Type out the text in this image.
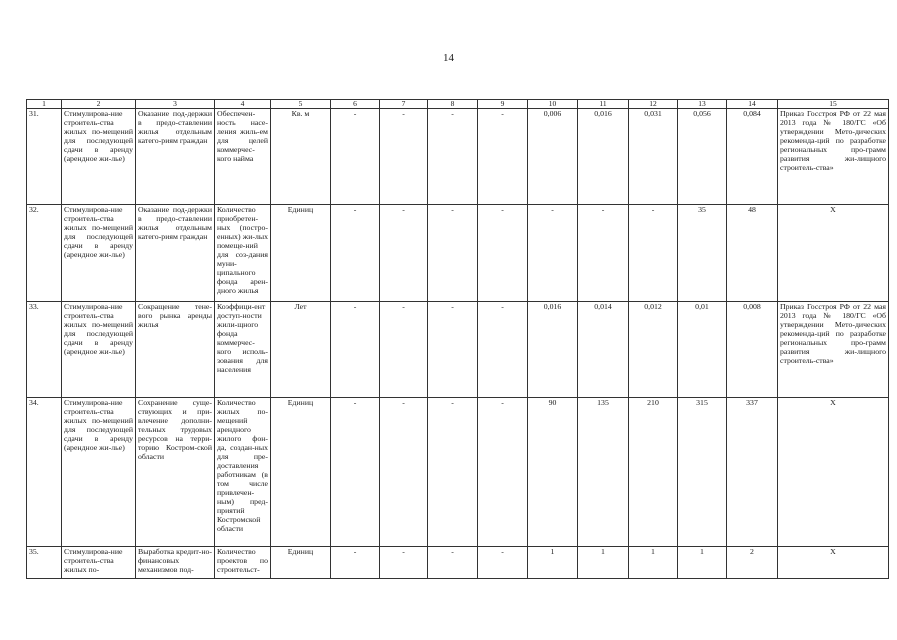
14
1	2	3	4	5	6	7	8	9	10	11	12	13	14	15
31.	Стимулирова-ние строитель-ства жилых по-мещений для последующей сдачи в аренду (арендное жи-лье)	Оказание под-держки в предо-ставлении жилья отдельным катего-риям граждан	Обеспечен-ность насе-ления жиль-ем для целей коммерчес-кого найма	Кв. м	-	-	-	-	0,006	0,016	0,031	0,056	0,084	Приказ Госстроя РФ от 22 мая 2013 года № 180/ГС «Об утверждении Мето-дических рекоменда-ций по разработке региональных про-грамм развития жи-лищного строитель-ства»
32.	Стимулирова-ние строитель-ства жилых по-мещений для последующей сдачи в аренду (арендное жи-лье)	Оказание под-держки в предо-ставлении жилья отдельным катего-риям граждан	Количество приобретен-ных (постро-енных) жи-лых помеще-ний для соз-дания муни-ципального фонда арен-дного жилья	Единиц	-	-	-	-	-	-	-	35	48	Х
33.	Стимулирова-ние строитель-ства жилых по-мещений для последующей сдачи в аренду (арендное жи-лье)	Сокращение тене-вого рынка аренды жилья	Коэффици-ент доступ-ности жили-щного фонда коммерчес-кого исполь-зования для населения	Лет	-	-	-	-	0,016	0,014	0,012	0,01	0,008	Приказ Госстроя РФ от 22 мая 2013 года № 180/ГС «Об утверждении Мето-дических рекоменда-ций по разработке региональных про-грамм развития жи-лищного строитель-ства»
34.	Стимулирова-ние строитель-ства жилых по-мещений для последующей сдачи в аренду (арендное жи-лье)	Сохранение суще-ствующих и при-влечение дополни-тельных трудовых ресурсов на терри-торию Костром-ской области	Количество жилых по-мещений арендного жилого фон-да, создан-ных для пре-доставления работникам (в том числе привлечен-ным) пред-приятий Костромской области	Единиц	-	-	-	-	90	135	210	315	337	Х
35.	Стимулирова-ние строитель-ства жилых по-	Выработка кредит-но-финансовых механизмов под-	Количество проектов по строительст-	Единиц	-	-	-	-	1	1	1	1	2	Х
